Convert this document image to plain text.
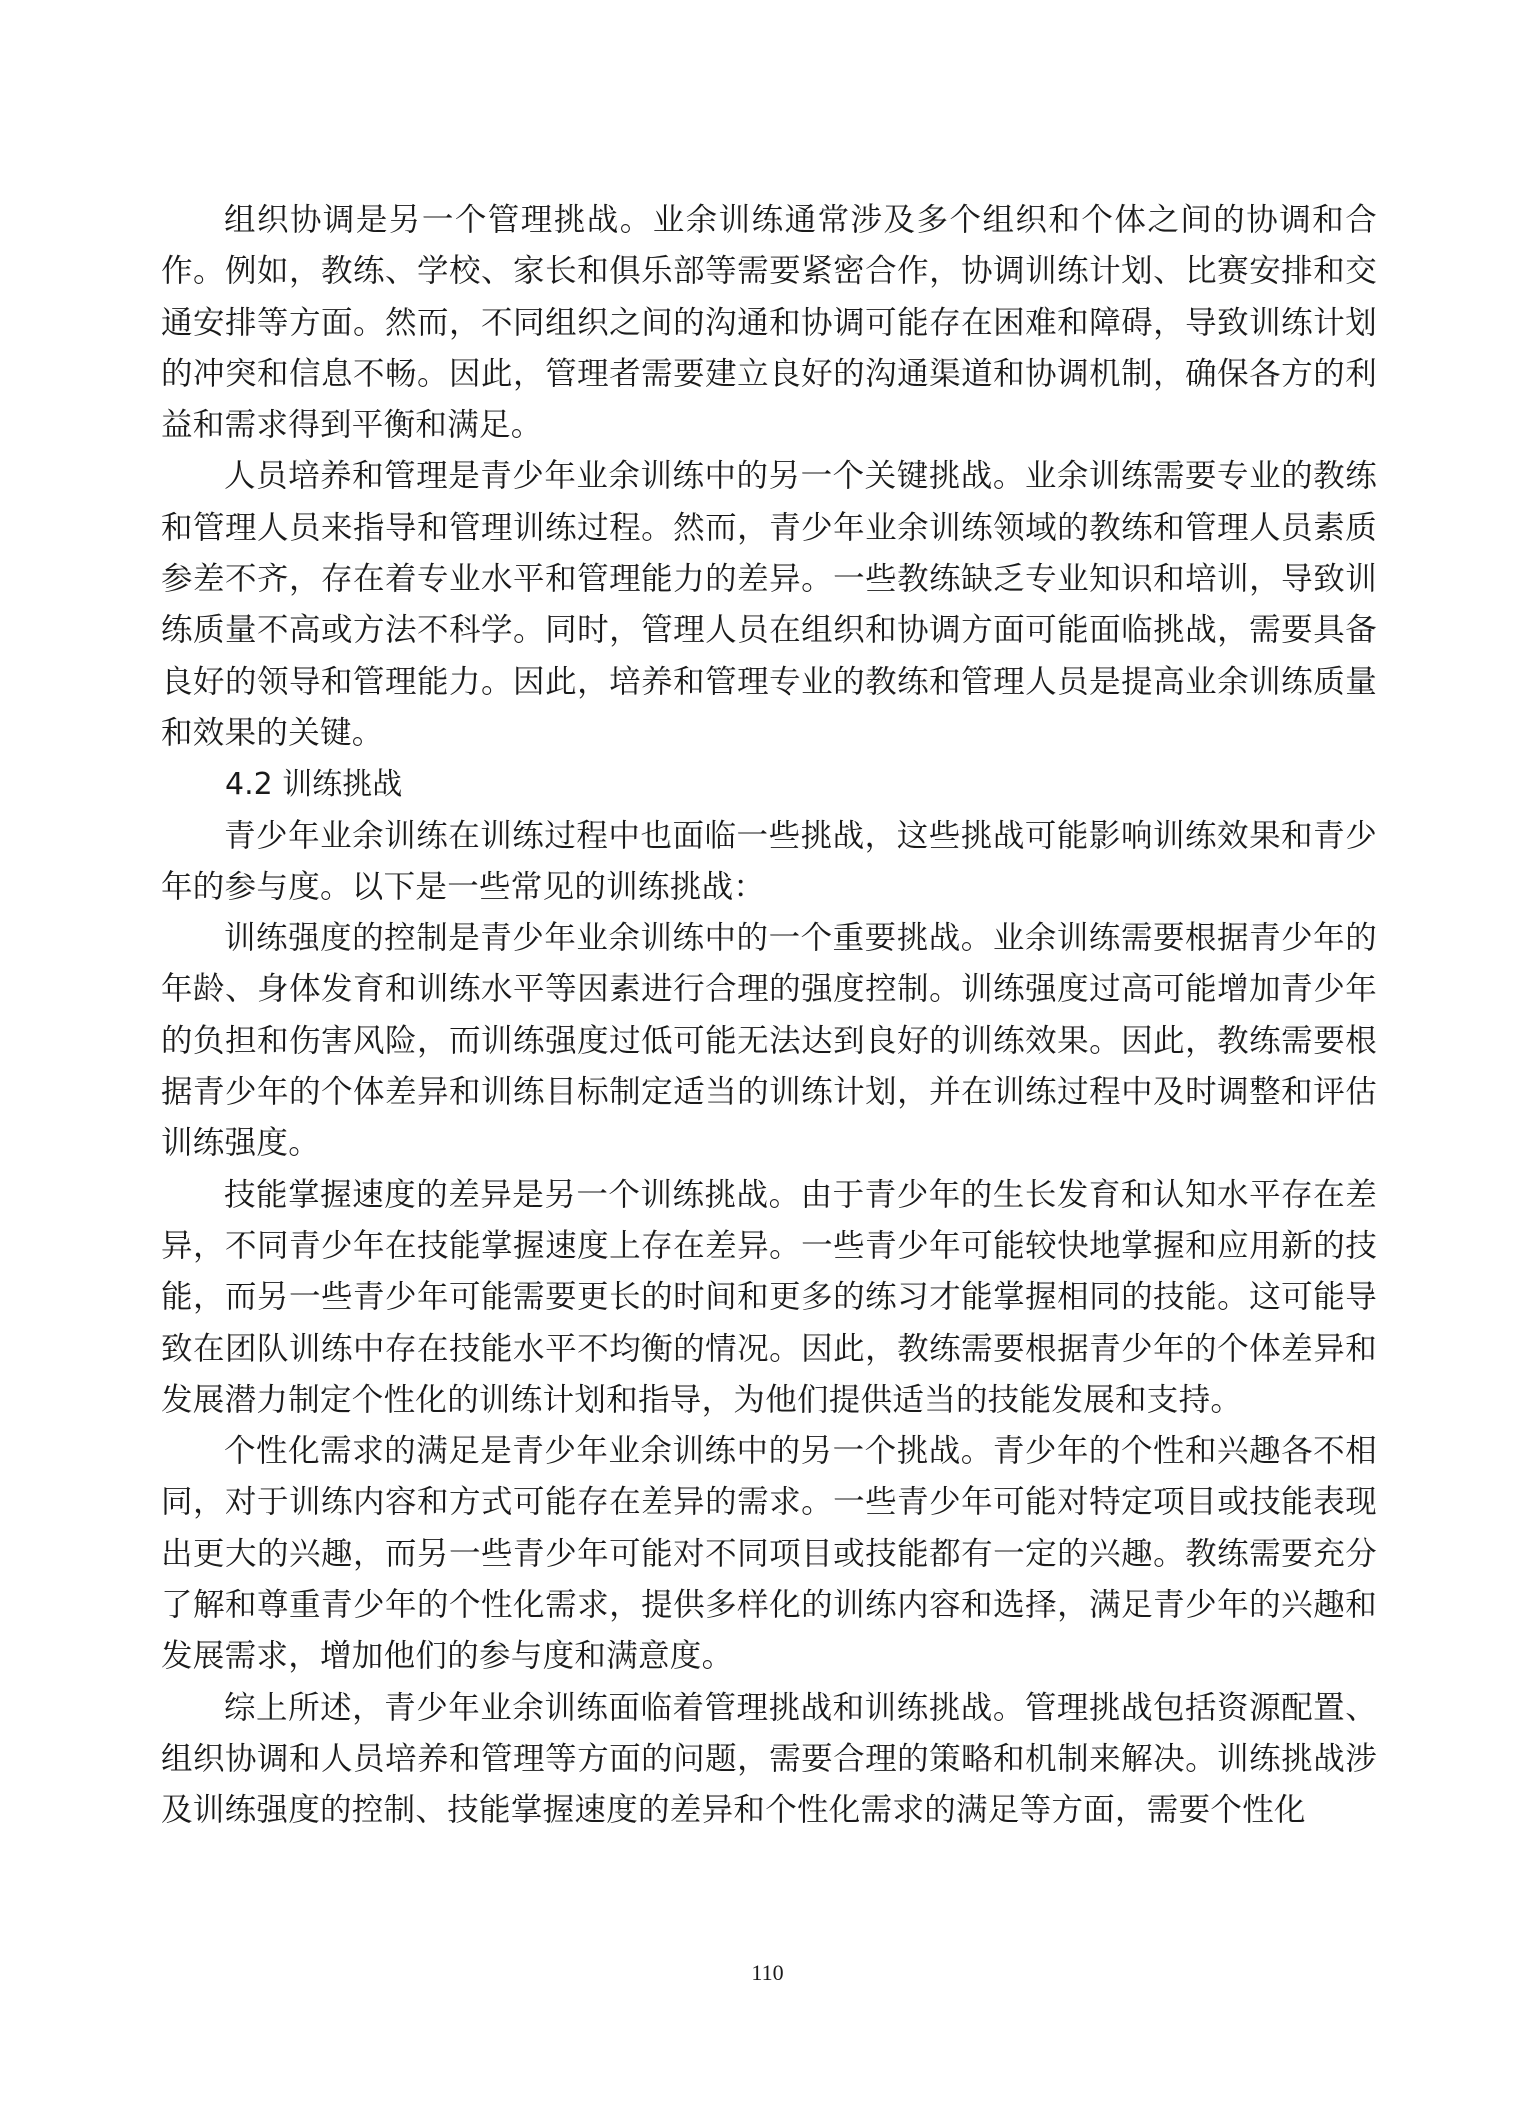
组织协调是另一个管理挑战。业余训练通常涉及多个组织和个体之间的协调和合作。例如，教练、学校、家长和俱乐部等需要紧密合作，协调训练计划、比赛安排和交通安排等方面。然而，不同组织之间的沟通和协调可能存在困难和障碍，导致训练计划的冲突和信息不畅。因此，管理者需要建立良好的沟通渠道和协调机制，确保各方的利益和需求得到平衡和满足。

人员培养和管理是青少年业余训练中的另一个关键挑战。业余训练需要专业的教练和管理人员来指导和管理训练过程。然而，青少年业余训练领域的教练和管理人员素质参差不齐，存在着专业水平和管理能力的差异。一些教练缺乏专业知识和培训，导致训练质量不高或方法不科学。同时，管理人员在组织和协调方面可能面临挑战，需要具备良好的领导和管理能力。因此，培养和管理专业的教练和管理人员是提高业余训练质量和效果的关键。

4.2 训练挑战

青少年业余训练在训练过程中也面临一些挑战，这些挑战可能影响训练效果和青少年的参与度。以下是一些常见的训练挑战：

训练强度的控制是青少年业余训练中的一个重要挑战。业余训练需要根据青少年的年龄、身体发育和训练水平等因素进行合理的强度控制。训练强度过高可能增加青少年的负担和伤害风险，而训练强度过低可能无法达到良好的训练效果。因此，教练需要根据青少年的个体差异和训练目标制定适当的训练计划，并在训练过程中及时调整和评估训练强度。

技能掌握速度的差异是另一个训练挑战。由于青少年的生长发育和认知水平存在差异，不同青少年在技能掌握速度上存在差异。一些青少年可能较快地掌握和应用新的技能，而另一些青少年可能需要更长的时间和更多的练习才能掌握相同的技能。这可能导致在团队训练中存在技能水平不均衡的情况。因此，教练需要根据青少年的个体差异和发展潜力制定个性化的训练计划和指导，为他们提供适当的技能发展和支持。

个性化需求的满足是青少年业余训练中的另一个挑战。青少年的个性和兴趣各不相同，对于训练内容和方式可能存在差异的需求。一些青少年可能对特定项目或技能表现出更大的兴趣，而另一些青少年可能对不同项目或技能都有一定的兴趣。教练需要充分了解和尊重青少年的个性化需求，提供多样化的训练内容和选择，满足青少年的兴趣和发展需求，增加他们的参与度和满意度。

综上所述，青少年业余训练面临着管理挑战和训练挑战。管理挑战包括资源配置、组织协调和人员培养和管理等方面的问题，需要合理的策略和机制来解决。训练挑战涉及训练强度的控制、技能掌握速度的差异和个性化需求的满足等方面，需要个性化

110
